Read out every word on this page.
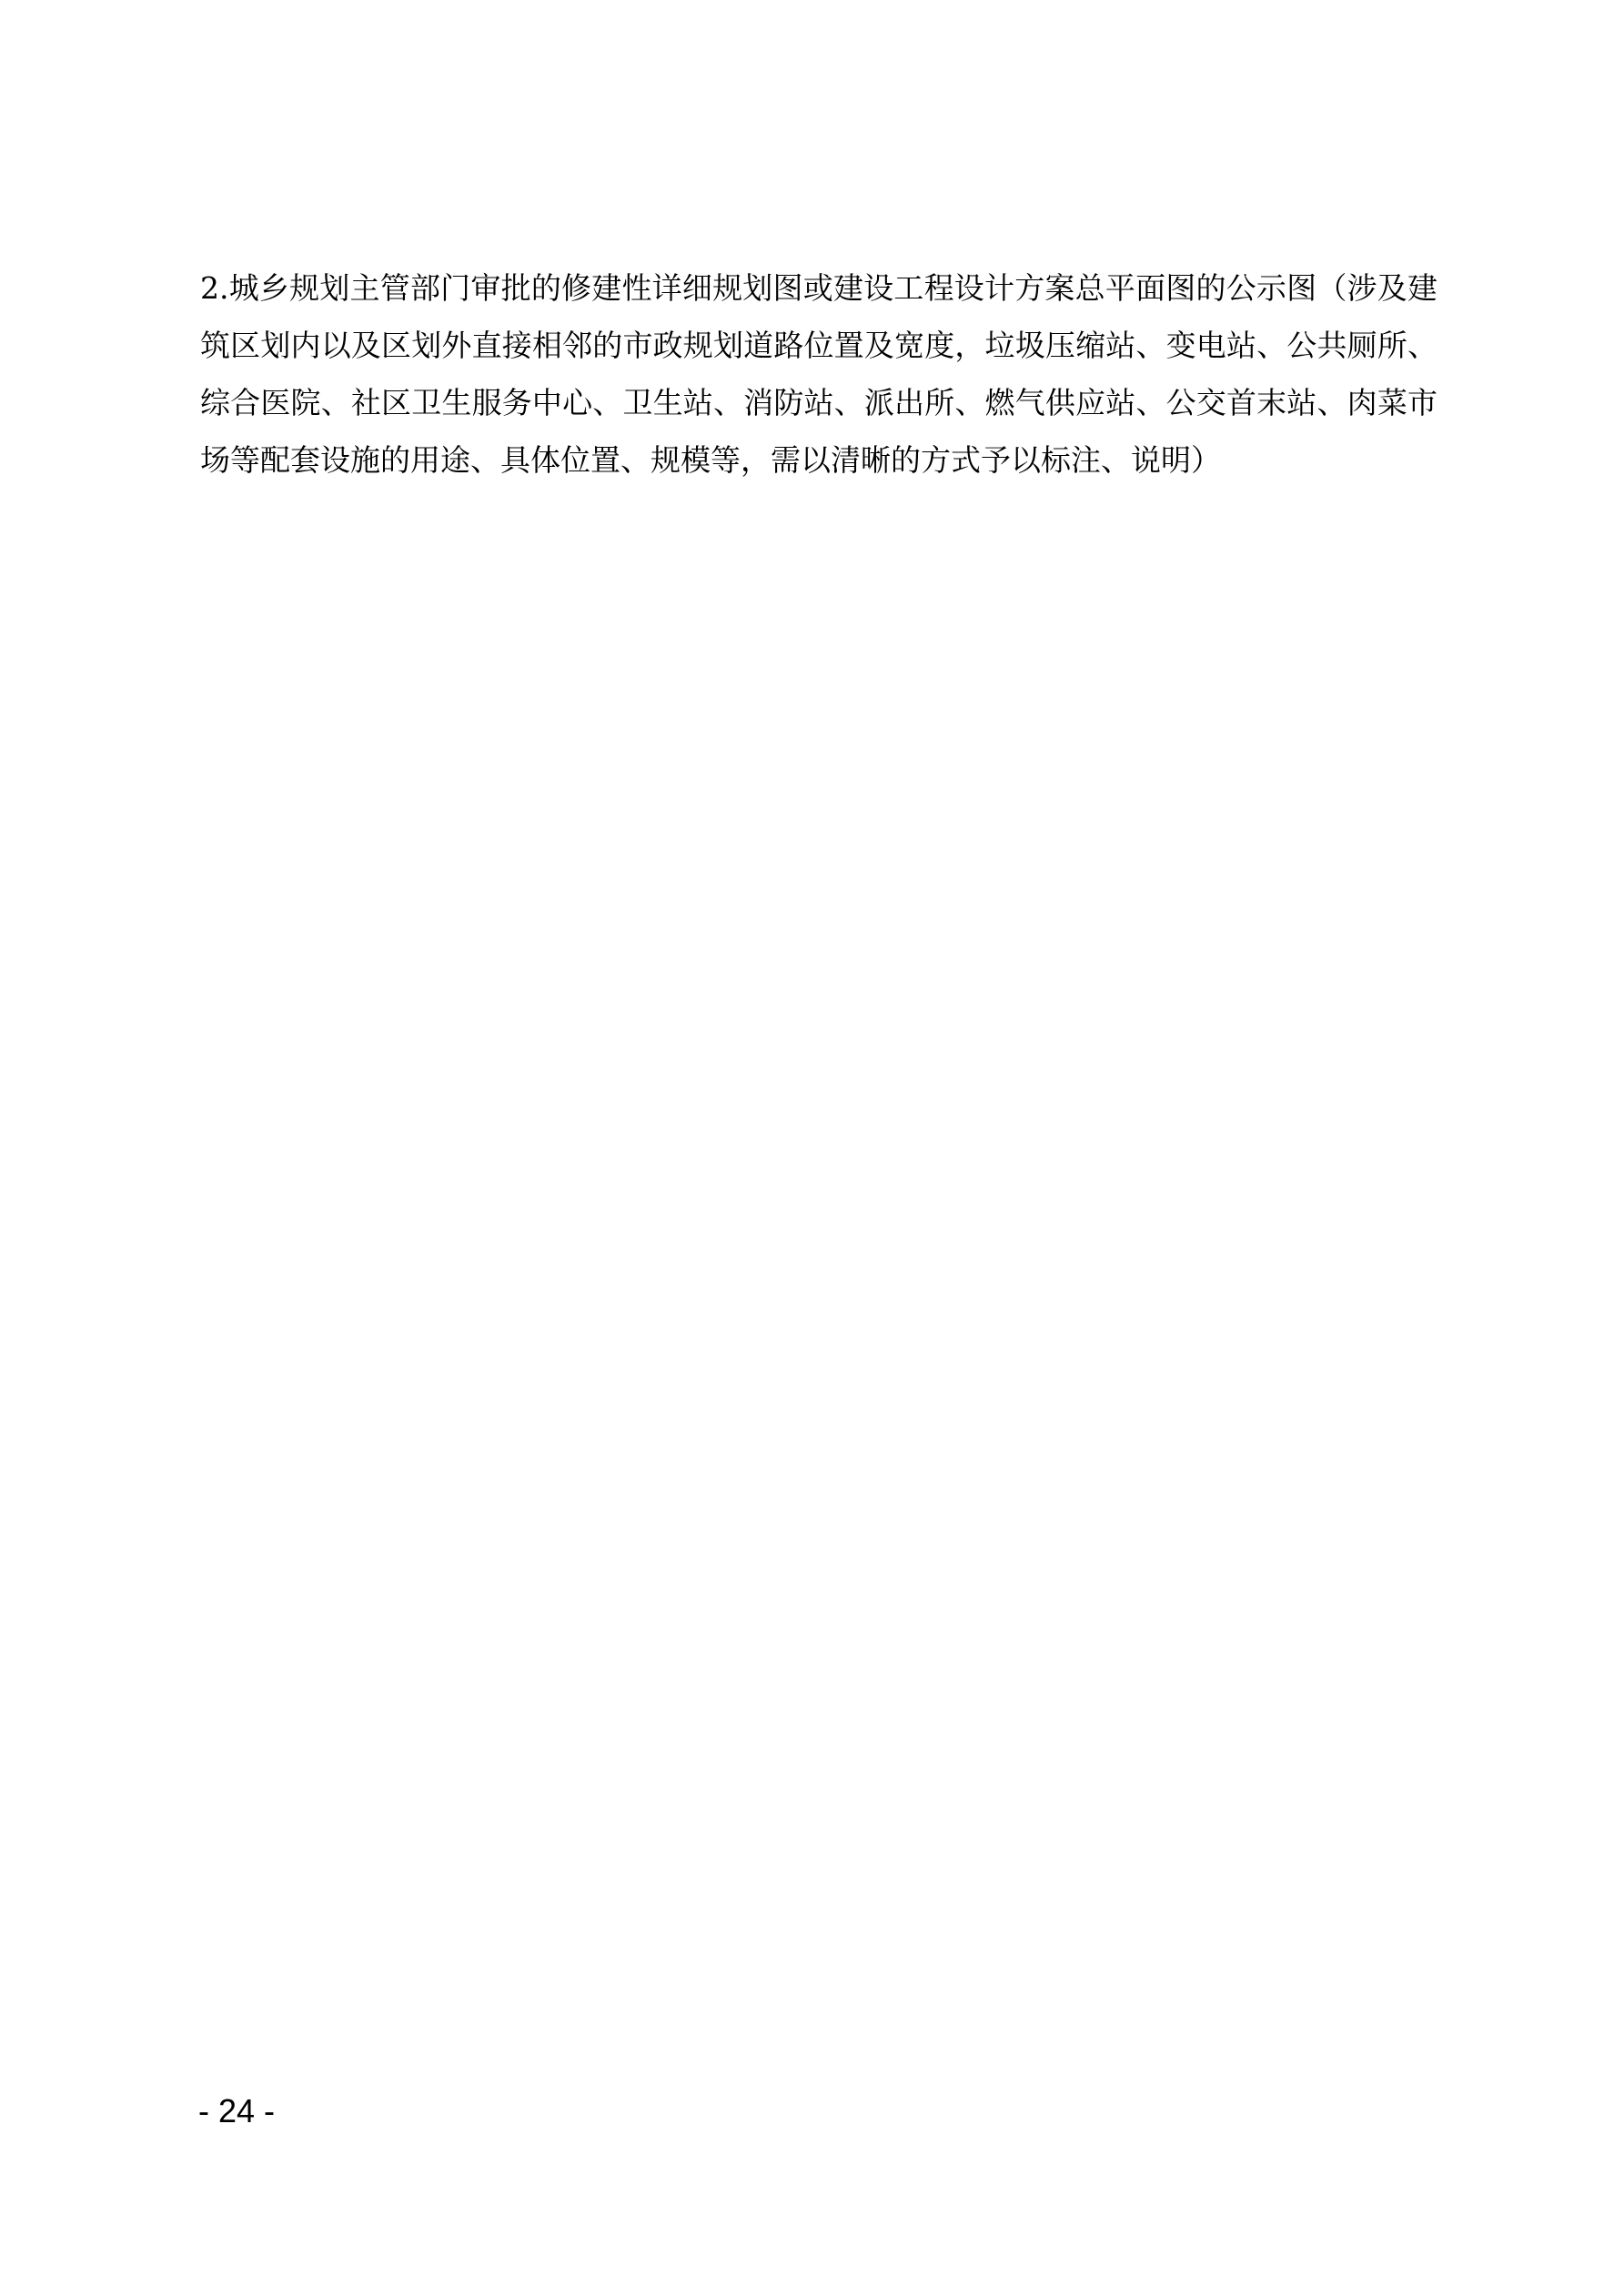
2.城乡规划主管部门审批的修建性详细规划图或建设工程设计方案总平面图的公示图（涉及建
筑区划内以及区划外直接相邻的市政规划道路位置及宽度，垃圾压缩站、变电站、公共厕所、
综合医院、社区卫生服务中心、卫生站、消防站、派出所、燃气供应站、公交首末站、肉菜市
场等配套设施的用途、具体位置、规模等，需以清晰的方式予以标注、说明）
- 24 -
